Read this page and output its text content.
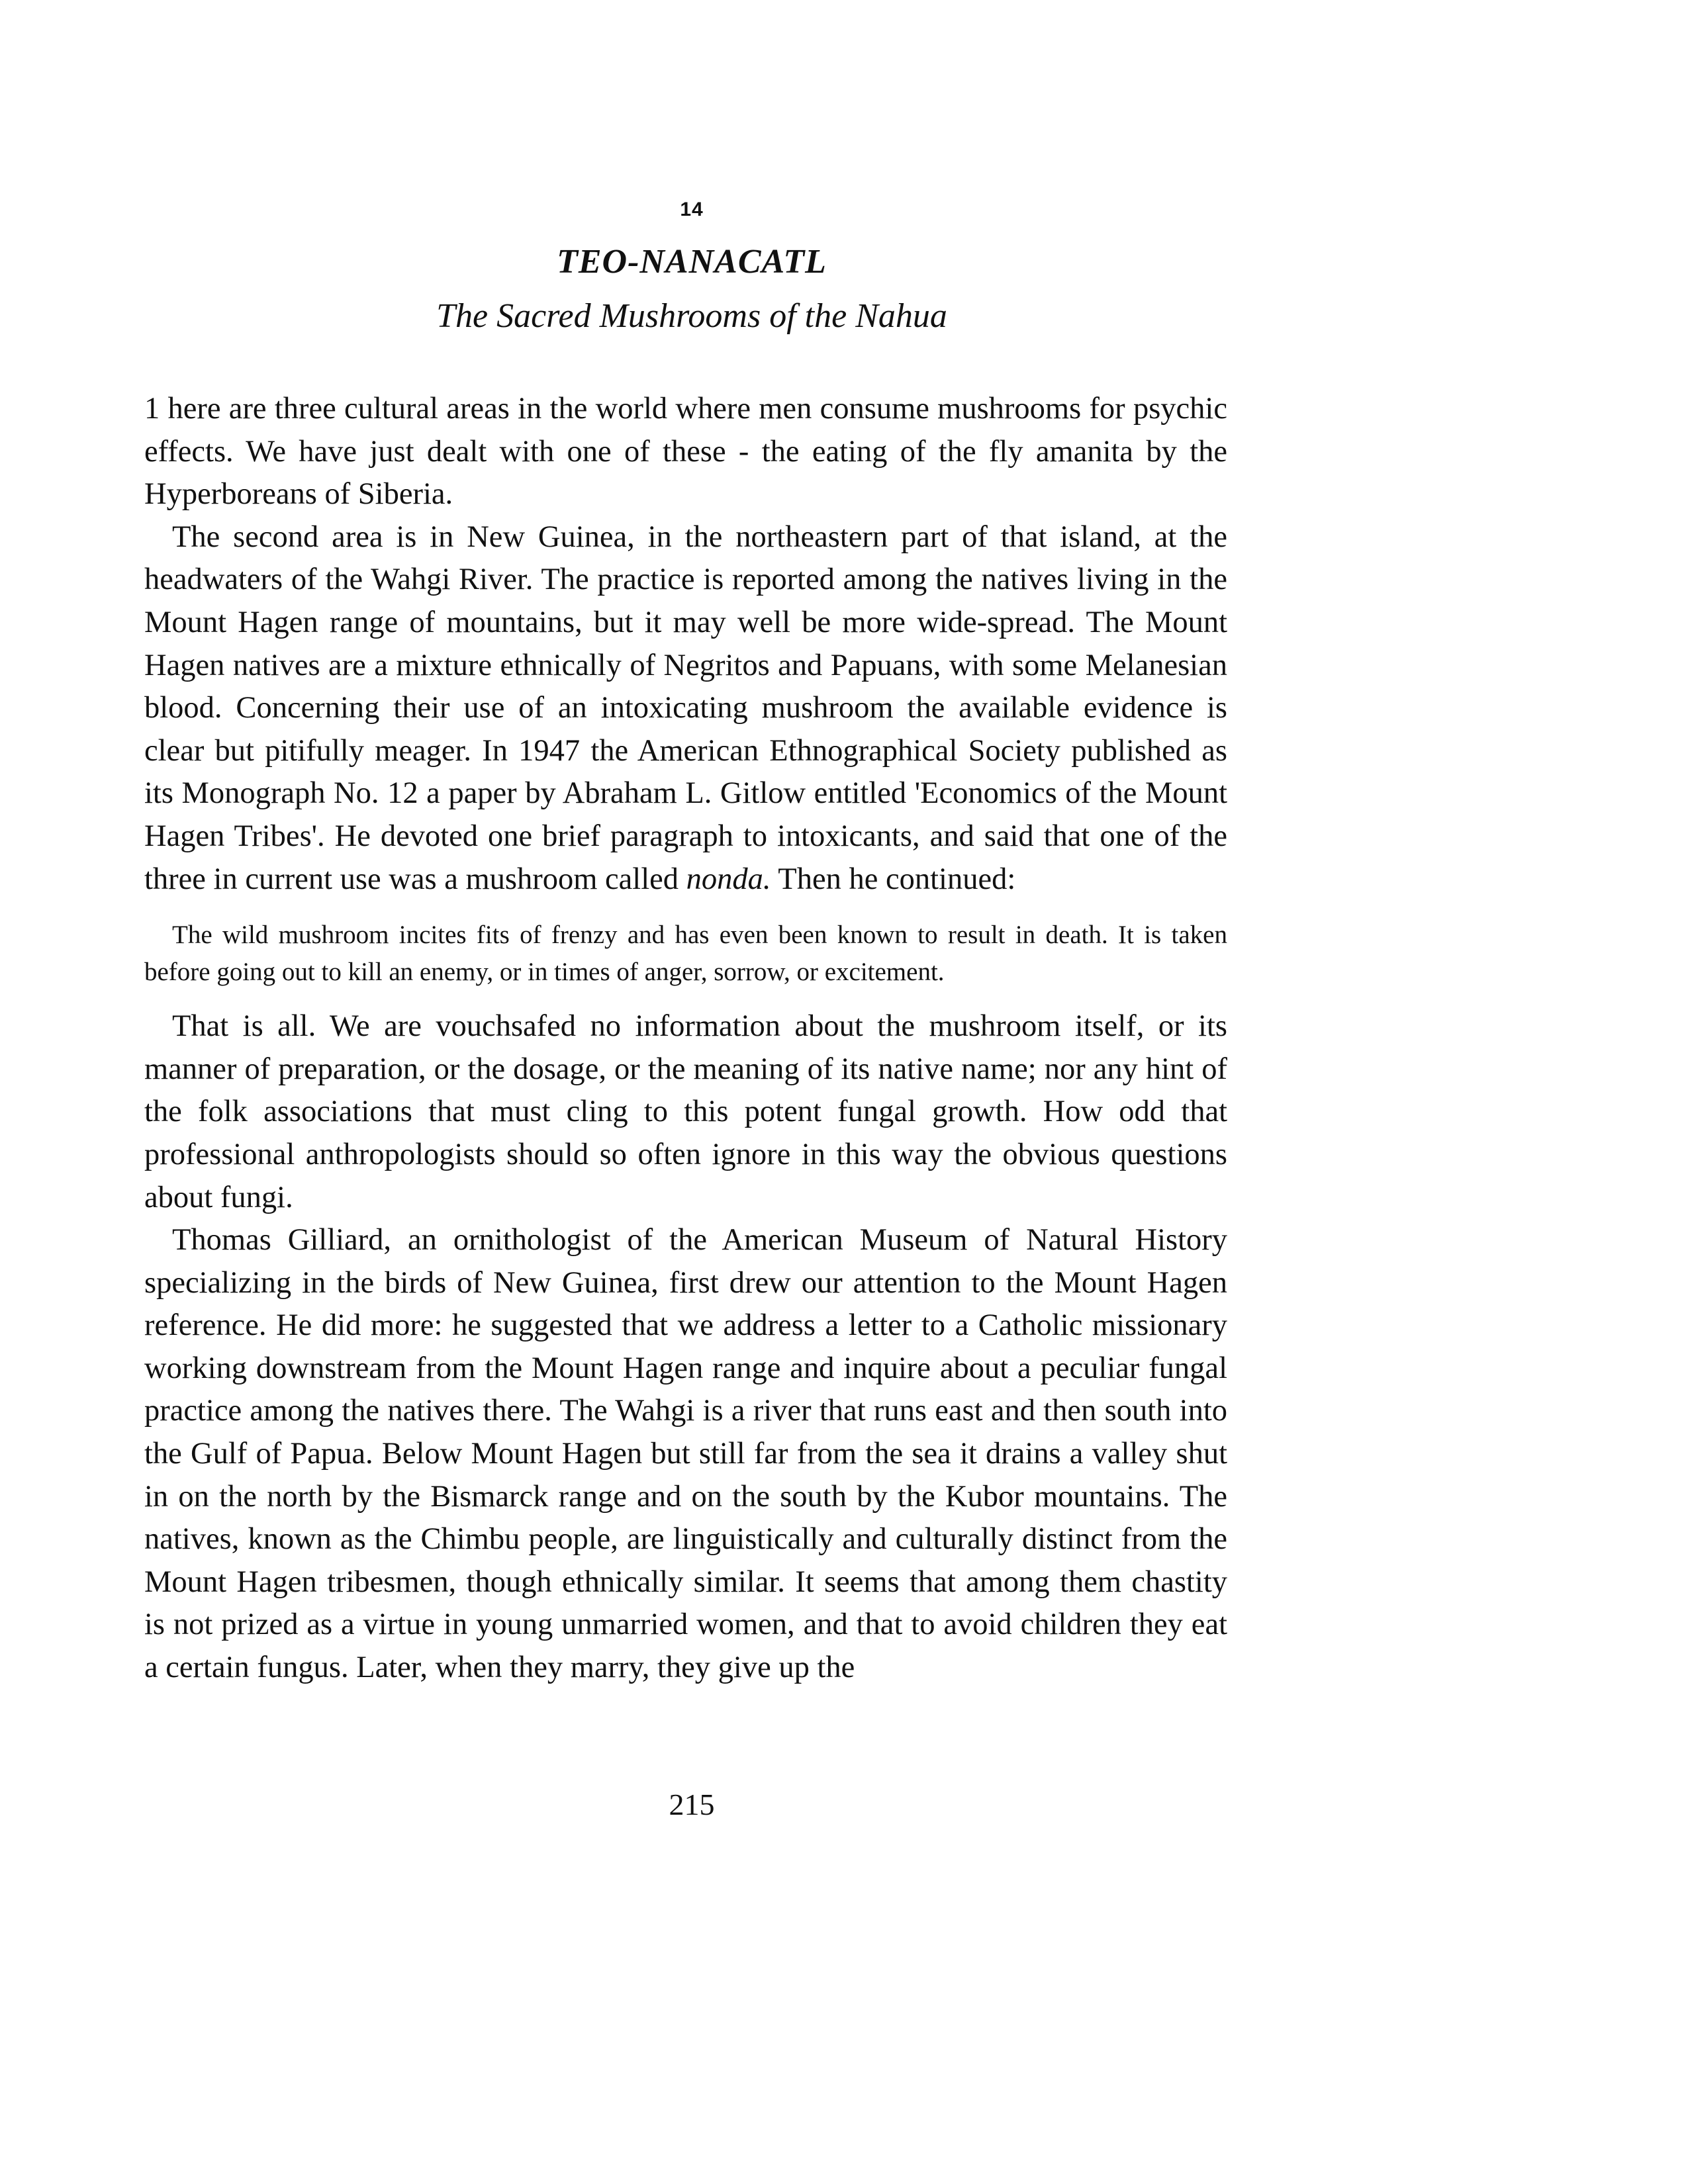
14
TEO-NANACATL
The Sacred Mushrooms of the Nahua

1 here are three cultural areas in the world where men consume mushrooms for psychic effects. We have just dealt with one of these - the eating of the fly amanita by the Hyperboreans of Siberia.

The second area is in New Guinea, in the northeastern part of that island, at the headwaters of the Wahgi River. The practice is reported among the natives living in the Mount Hagen range of mountains, but it may well be more wide-spread. The Mount Hagen natives are a mixture ethnically of Negritos and Papuans, with some Melanesian blood. Concerning their use of an intoxicating mushroom the available evidence is clear but pitifully meager. In 1947 the American Ethnographical Society published as its Monograph No. 12 a paper by Abraham L. Gitlow entitled 'Economics of the Mount Hagen Tribes'. He devoted one brief paragraph to intoxicants, and said that one of the three in current use was a mushroom called nonda. Then he continued:

The wild mushroom incites fits of frenzy and has even been known to result in death. It is taken before going out to kill an enemy, or in times of anger, sorrow, or excitement.

That is all. We are vouchsafed no information about the mushroom itself, or its manner of preparation, or the dosage, or the meaning of its native name; nor any hint of the folk associations that must cling to this potent fungal growth. How odd that professional anthropologists should so often ignore in this way the obvious questions about fungi.

Thomas Gilliard, an ornithologist of the American Museum of Natural History specializing in the birds of New Guinea, first drew our attention to the Mount Hagen reference. He did more: he suggested that we address a letter to a Catholic missionary working downstream from the Mount Hagen range and inquire about a peculiar fungal practice among the natives there. The Wahgi is a river that runs east and then south into the Gulf of Papua. Below Mount Hagen but still far from the sea it drains a valley shut in on the north by the Bismarck range and on the south by the Kubor mountains. The natives, known as the Chimbu people, are linguistically and culturally distinct from the Mount Hagen tribesmen, though ethnically similar. It seems that among them chastity is not prized as a virtue in young unmarried women, and that to avoid children they eat a certain fungus. Later, when they marry, they give up the

215
